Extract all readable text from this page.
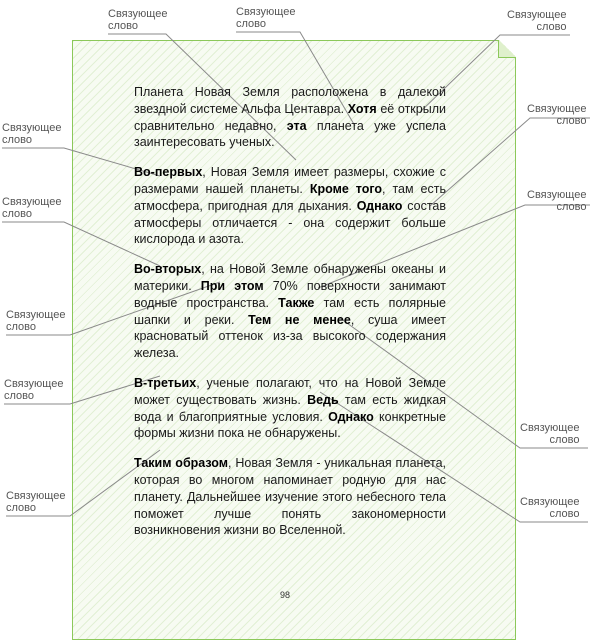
Планета Новая Земля расположена в далекой звездной системе Альфа Центавра. Хотя её открыли сравнительно недавно, эта планета уже успела заинтересовать ученых.

Во-первых, Новая Земля имеет размеры, схожие с размерами нашей планеты. Кроме того, там есть атмосфера, пригодная для дыхания. Однако состав атмосферы отличается - она содержит больше кислорода и азота.

Во-вторых, на Новой Земле обнаружены океаны и материки. При этом 70% поверхности занимают водные пространства. Также там есть полярные шапки и реки. Тем не менее, суша имеет красноватый оттенок из-за высокого содержания железа.

В-третьих, ученые полагают, что на Новой Земле может существовать жизнь. Ведь там есть жидкая вода и благоприятные условия. Однако конкретные формы жизни пока не обнаружены.

Таким образом, Новая Земля - уникальная планета, которая во многом напоминает родную для нас планету. Дальнейшее изучение этого небесного тела поможет лучше понять закономерности возникновения жизни во Вселенной.

98
Связующее
слово
Связующее
слово
Связующее
слово
Связующее
слово
Связующее
слово
Связующее
слово
Связующее
слово
Связующее
слово
Связующее
слово
Связующее
слово
Связующее
слово
Связующее
слово
